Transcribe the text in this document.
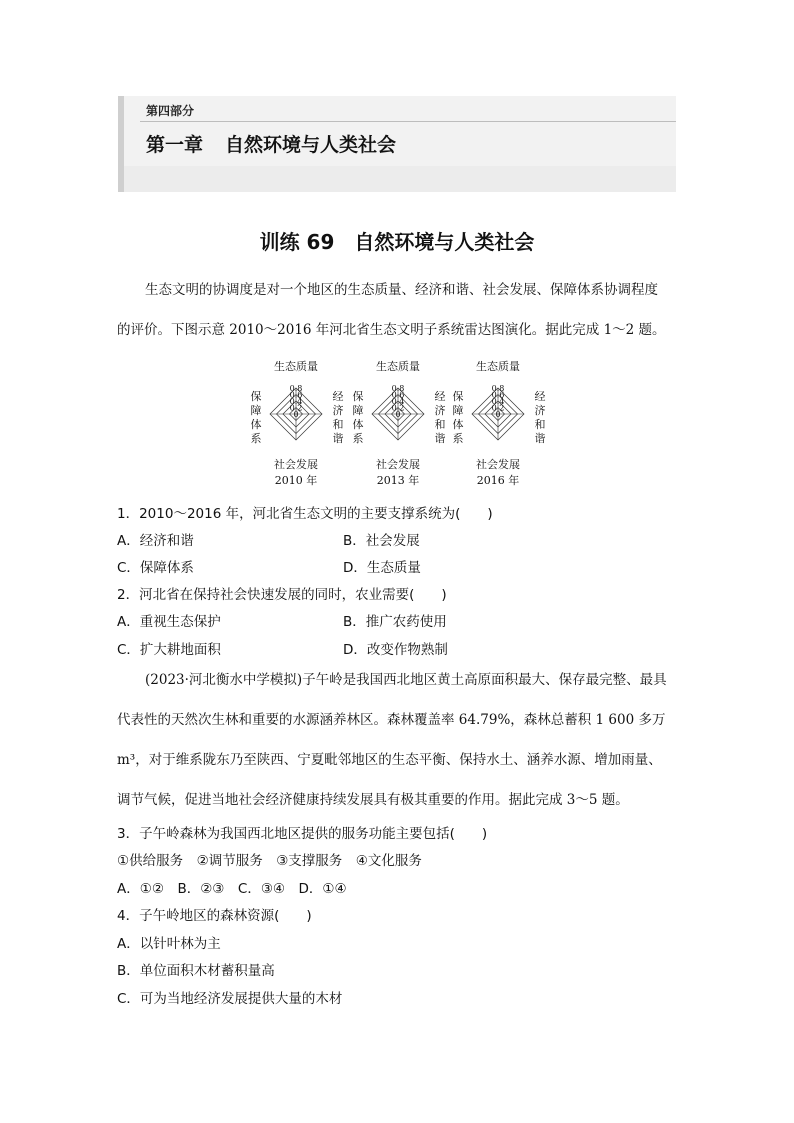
第四部分
第一章 自然环境与人类社会
训练 69　自然环境与人类社会
生态文明的协调度是对一个地区的生态质量、经济和谐、社会发展、保障体系协调程度
的评价。下图示意 2010～2016 年河北省生态文明子系统雷达图演化。据此完成 1～2 题。
0.8
0.6
0.4
0.2
0
生态质量
社会发展
2010 年
保
障
体
系
经
济
和
谐
0.8
0.6
0.4
0.2
0
生态质量
社会发展
2013 年
保
障
体
系
经
济
和
谐
0.8
0.6
0.4
0.2
0
生态质量
社会发展
2016 年
保
障
体
系
经
济
和
谐
1．2010～2016 年，河北省生态文明的主要支撑系统为(　　)
A．经济和谐	B．社会发展
C．保障体系	D．生态质量
2．河北省在保持社会快速发展的同时，农业需要(　　)
A．重视生态保护	B．推广农药使用
C．扩大耕地面积	D．改变作物熟制
(2023·河北衡水中学模拟)子午岭是我国西北地区黄土高原面积最大、保存最完整、最具
代表性的天然次生林和重要的水源涵养林区。森林覆盖率 64.79%，森林总蓄积 1 600 多万
m³，对于维系陇东乃至陕西、宁夏毗邻地区的生态平衡、保持水土、涵养水源、增加雨量、
调节气候，促进当地社会经济健康持续发展具有极其重要的作用。据此完成 3～5 题。
3．子午岭森林为我国西北地区提供的服务功能主要包括(　　)
①供给服务　②调节服务　③支撑服务　④文化服务
A．①②　B．②③　C．③④　D．①④
4．子午岭地区的森林资源(　　)
A．以针叶林为主
B．单位面积木材蓄积量高
C．可为当地经济发展提供大量的木材
